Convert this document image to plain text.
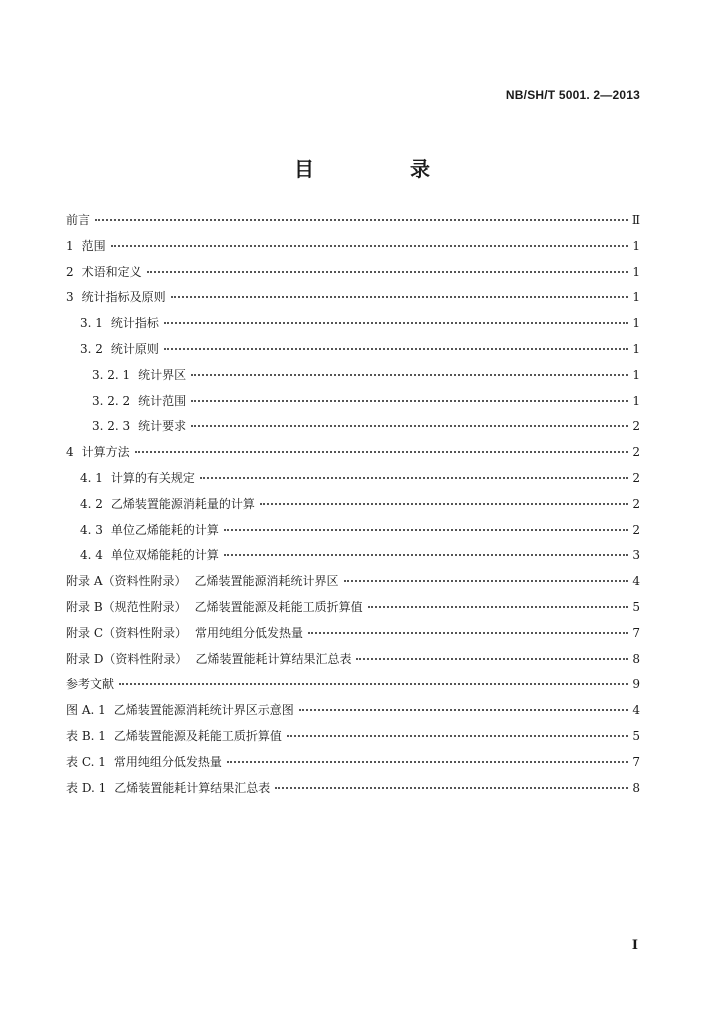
NB/SH/T 5001. 2—2013
目　录
前言	Ⅱ
1 范围	1
2 术语和定义	1
3 统计指标及原则	1
3. 1 统计指标	1
3. 2 统计原则	1
3. 2. 1 统计界区	1
3. 2. 2 统计范围	1
3. 2. 3 统计要求	2
4 计算方法	2
4. 1 计算的有关规定	2
4. 2 乙烯装置能源消耗量的计算	2
4. 3 单位乙烯能耗的计算	2
4. 4 单位双烯能耗的计算	3
附录 A（资料性附录） 乙烯装置能源消耗统计界区	4
附录 B（规范性附录） 乙烯装置能源及耗能工质折算值	5
附录 C（资料性附录） 常用纯组分低发热量	7
附录 D（资料性附录） 乙烯装置能耗计算结果汇总表	8
参考文献	9
图 A. 1 乙烯装置能源消耗统计界区示意图	4
表 B. 1 乙烯装置能源及耗能工质折算值	5
表 C. 1 常用纯组分低发热量	7
表 D. 1 乙烯装置能耗计算结果汇总表	8
Ⅰ
